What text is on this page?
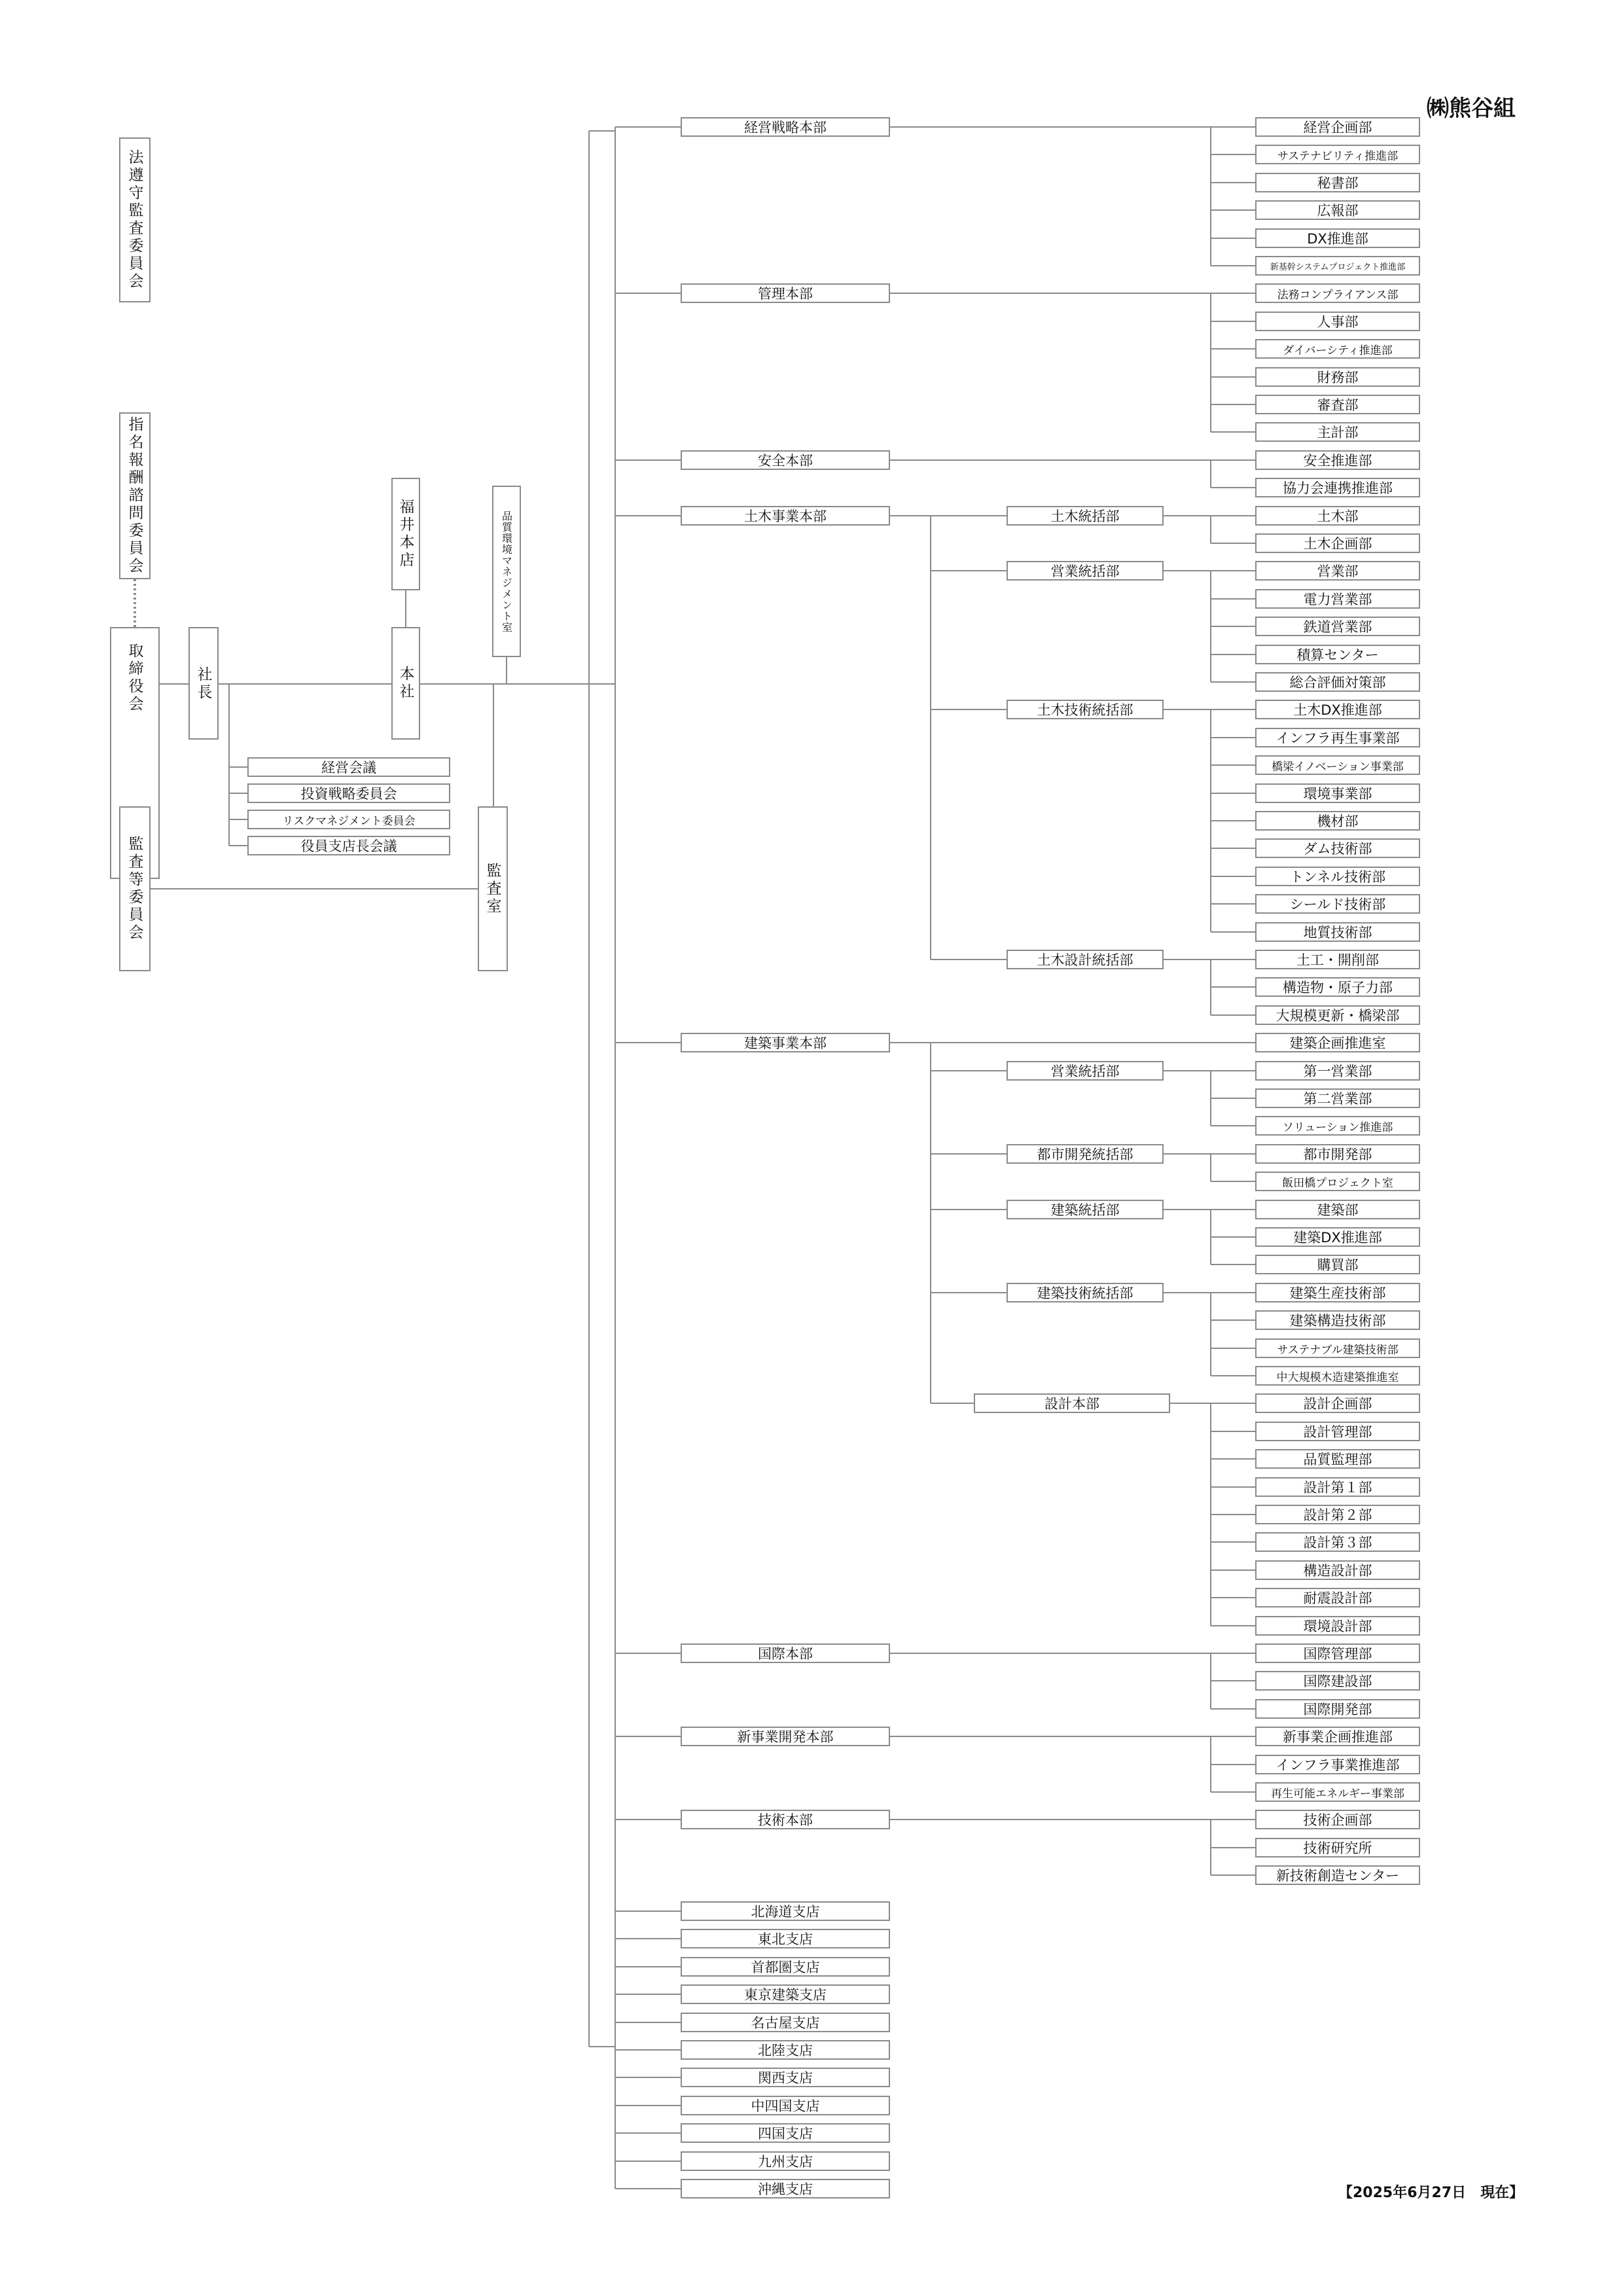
㈱熊谷組
法遵守監査委員会
指名報酬諮問委員会
取締役会
監査等委員会
社長
福井本店
本社
品質環境マネジメント室
監査室
経営会議
投資戦略委員会
リスクマネジメント委員会
役員支店長会議
経営戦略本部	経営企画部
サステナビリティ推進部
秘書部
広報部
DX推進部
新基幹システムプロジェクト推進部
管理本部	法務コンプライアンス部
人事部
ダイバーシティ推進部
財務部
審査部
主計部
安全本部	安全推進部
協力会連携推進部
土木事業本部	土木統括部	土木部
土木企画部
営業統括部	営業部
電力営業部
鉄道営業部
積算センター
総合評価対策部
土木技術統括部	土木DX推進部
インフラ再生事業部
橋梁イノベーション事業部
環境事業部
機材部
ダム技術部
トンネル技術部
シールド技術部
地質技術部
土木設計統括部	土工・開削部
構造物・原子力部
大規模更新・橋梁部
建築事業本部	建築企画推進室
営業統括部	第一営業部
第二営業部
ソリューション推進部
都市開発統括部	都市開発部
飯田橋プロジェクト室
建築統括部	建築部
建築DX推進部
購買部
建築技術統括部	建築生産技術部
建築構造技術部
サステナブル建築技術部
中大規模木造建築推進室
設計本部	設計企画部
設計管理部
品質監理部
設計第１部
設計第２部
設計第３部
構造設計部
耐震設計部
環境設計部
国際本部	国際管理部
国際建設部
国際開発部
新事業開発本部	新事業企画推進部
インフラ事業推進部
再生可能エネルギー事業部
技術本部	技術企画部
技術研究所
新技術創造センター
北海道支店
東北支店
首都圏支店
東京建築支店
名古屋支店
北陸支店
関西支店
中四国支店
四国支店
九州支店
沖縄支店	【2025年6月27日　現在】
